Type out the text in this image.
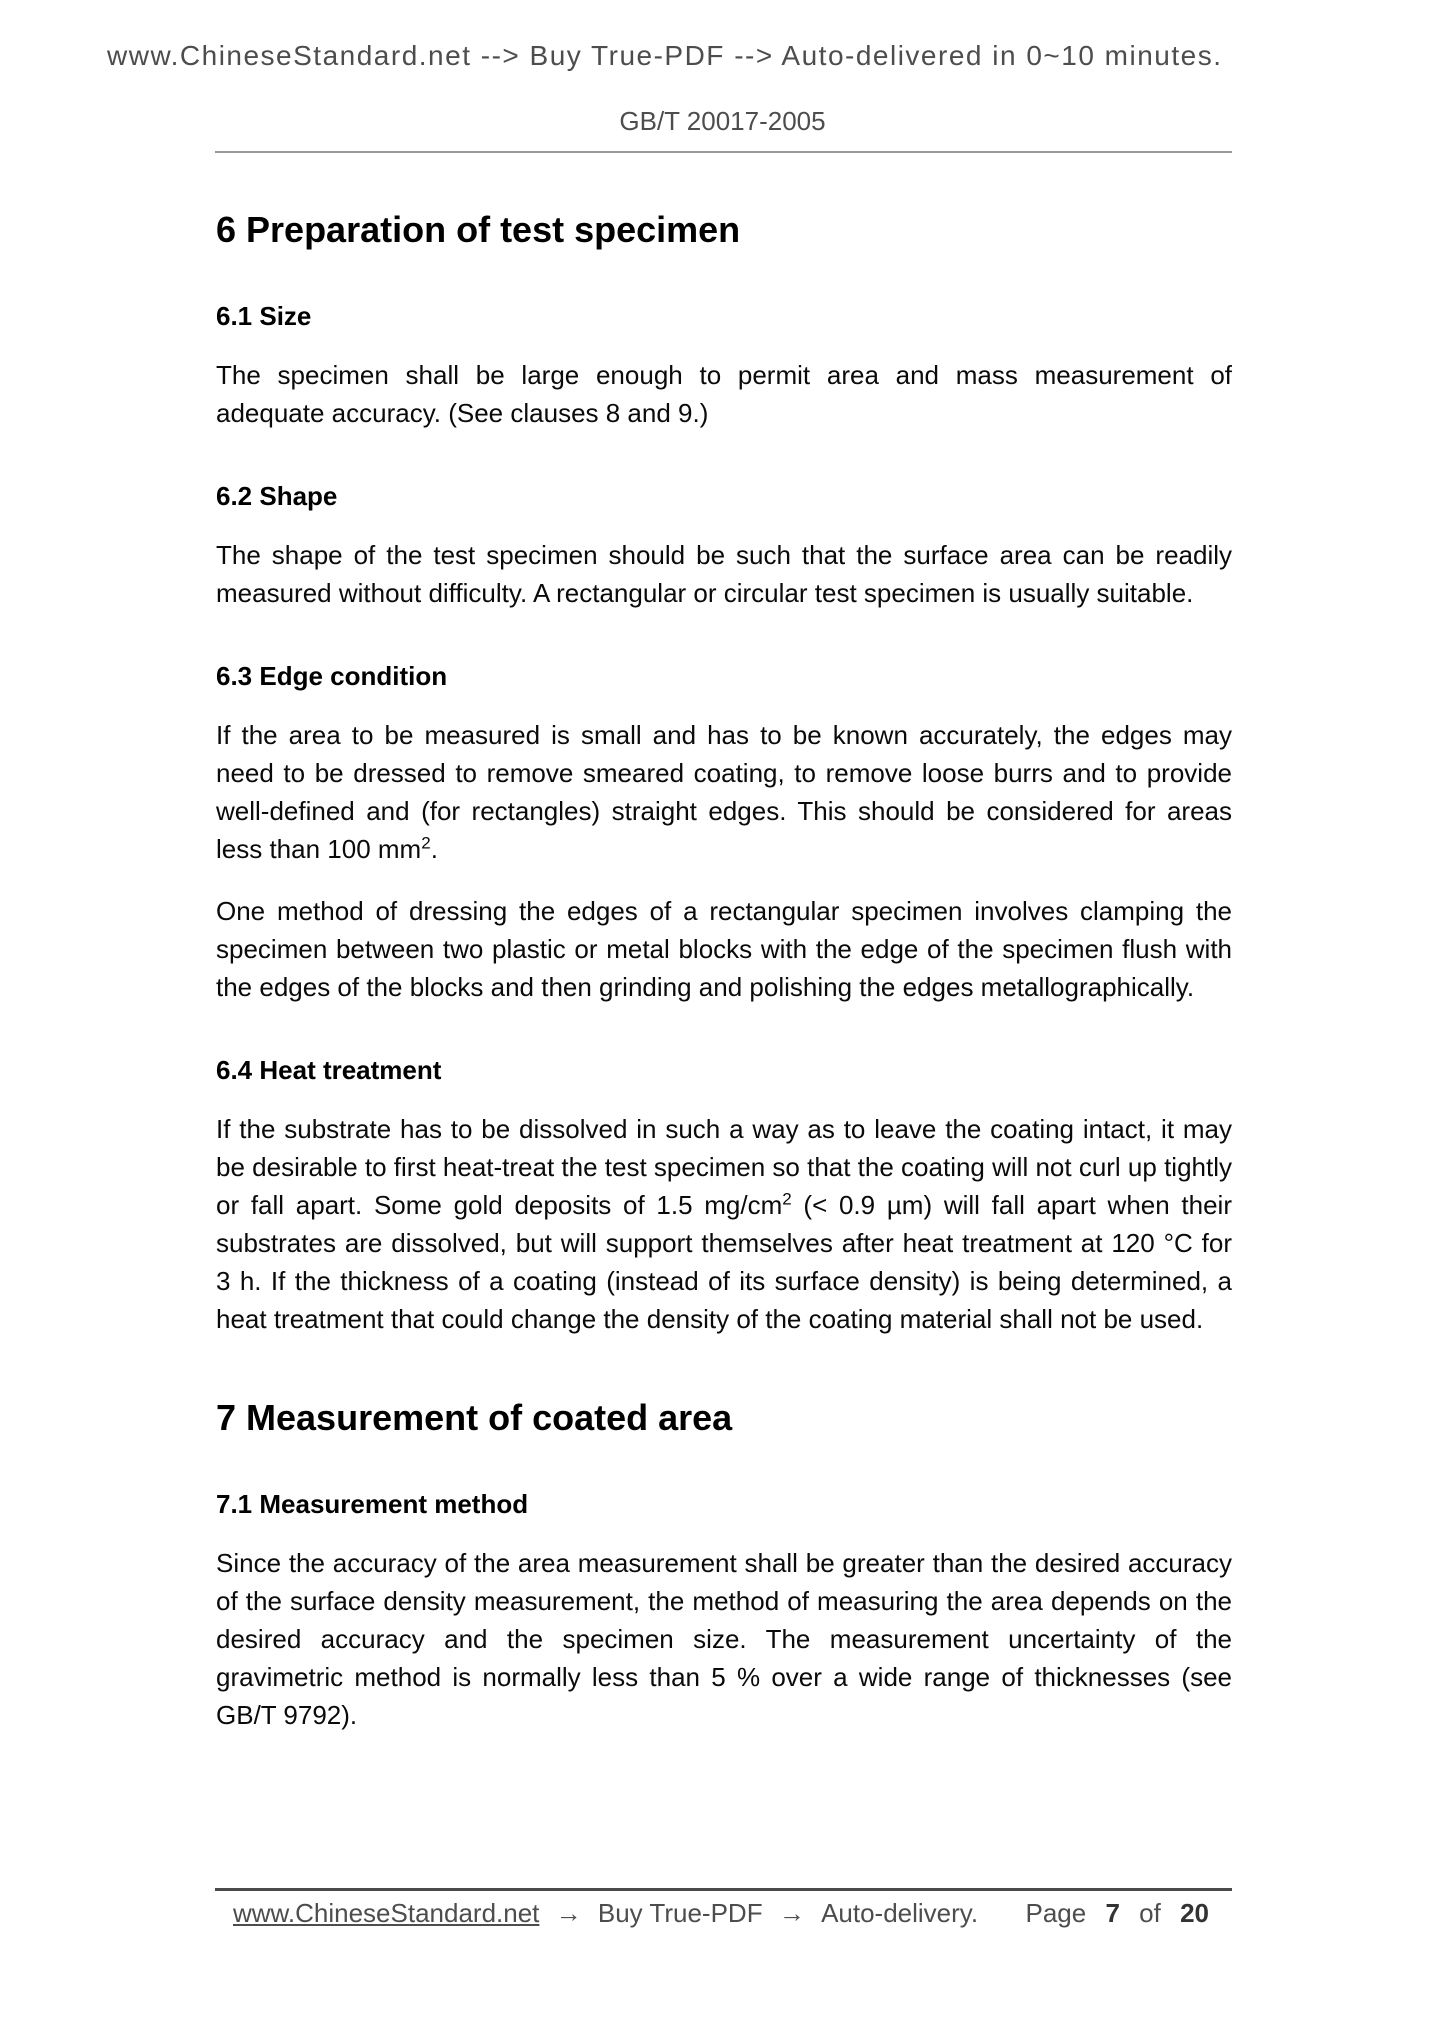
www.ChineseStandard.net --> Buy True-PDF --> Auto-delivered in 0~10 minutes.
GB/T 20017-2005
6 Preparation of test specimen
6.1 Size

The specimen shall be large enough to permit area and mass measurement of adequate accuracy. (See clauses 8 and 9.)

6.2 Shape

The shape of the test specimen should be such that the surface area can be readily measured without difficulty. A rectangular or circular test specimen is usually suitable.

6.3 Edge condition

If the area to be measured is small and has to be known accurately, the edges may need to be dressed to remove smeared coating, to remove loose burrs and to provide well-defined and (for rectangles) straight edges. This should be considered for areas less than 100 $mm^2$.

One method of dressing the edges of a rectangular specimen involves clamping the specimen between two plastic or metal blocks with the edge of the specimen flush with the edges of the blocks and then grinding and polishing the edges metallographically.

6.4 Heat treatment

If the substrate has to be dissolved in such a way as to leave the coating intact, it may be desirable to first heat-treat the test specimen so that the coating will not curl up tightly or fall apart. Some gold deposits of 1.5 $mg/cm^2$ (< 0.9 µm) will fall apart when their substrates are dissolved, but will support themselves after heat treatment at 120 °C for 3 h. If the thickness of a coating (instead of its surface density) is being determined, a heat treatment that could change the density of the coating material shall not be used.

7 Measurement of coated area
7.1 Measurement method

Since the accuracy of the area measurement shall be greater than the desired accuracy of the surface density measurement, the method of measuring the area depends on the desired accuracy and the specimen size. The measurement uncertainty of the gravimetric method is normally less than 5 % over a wide range of thicknesses (see GB/T 9792).

www.ChineseStandard.net → Buy True-PDF → Auto-delivery. Page 7 of 20
